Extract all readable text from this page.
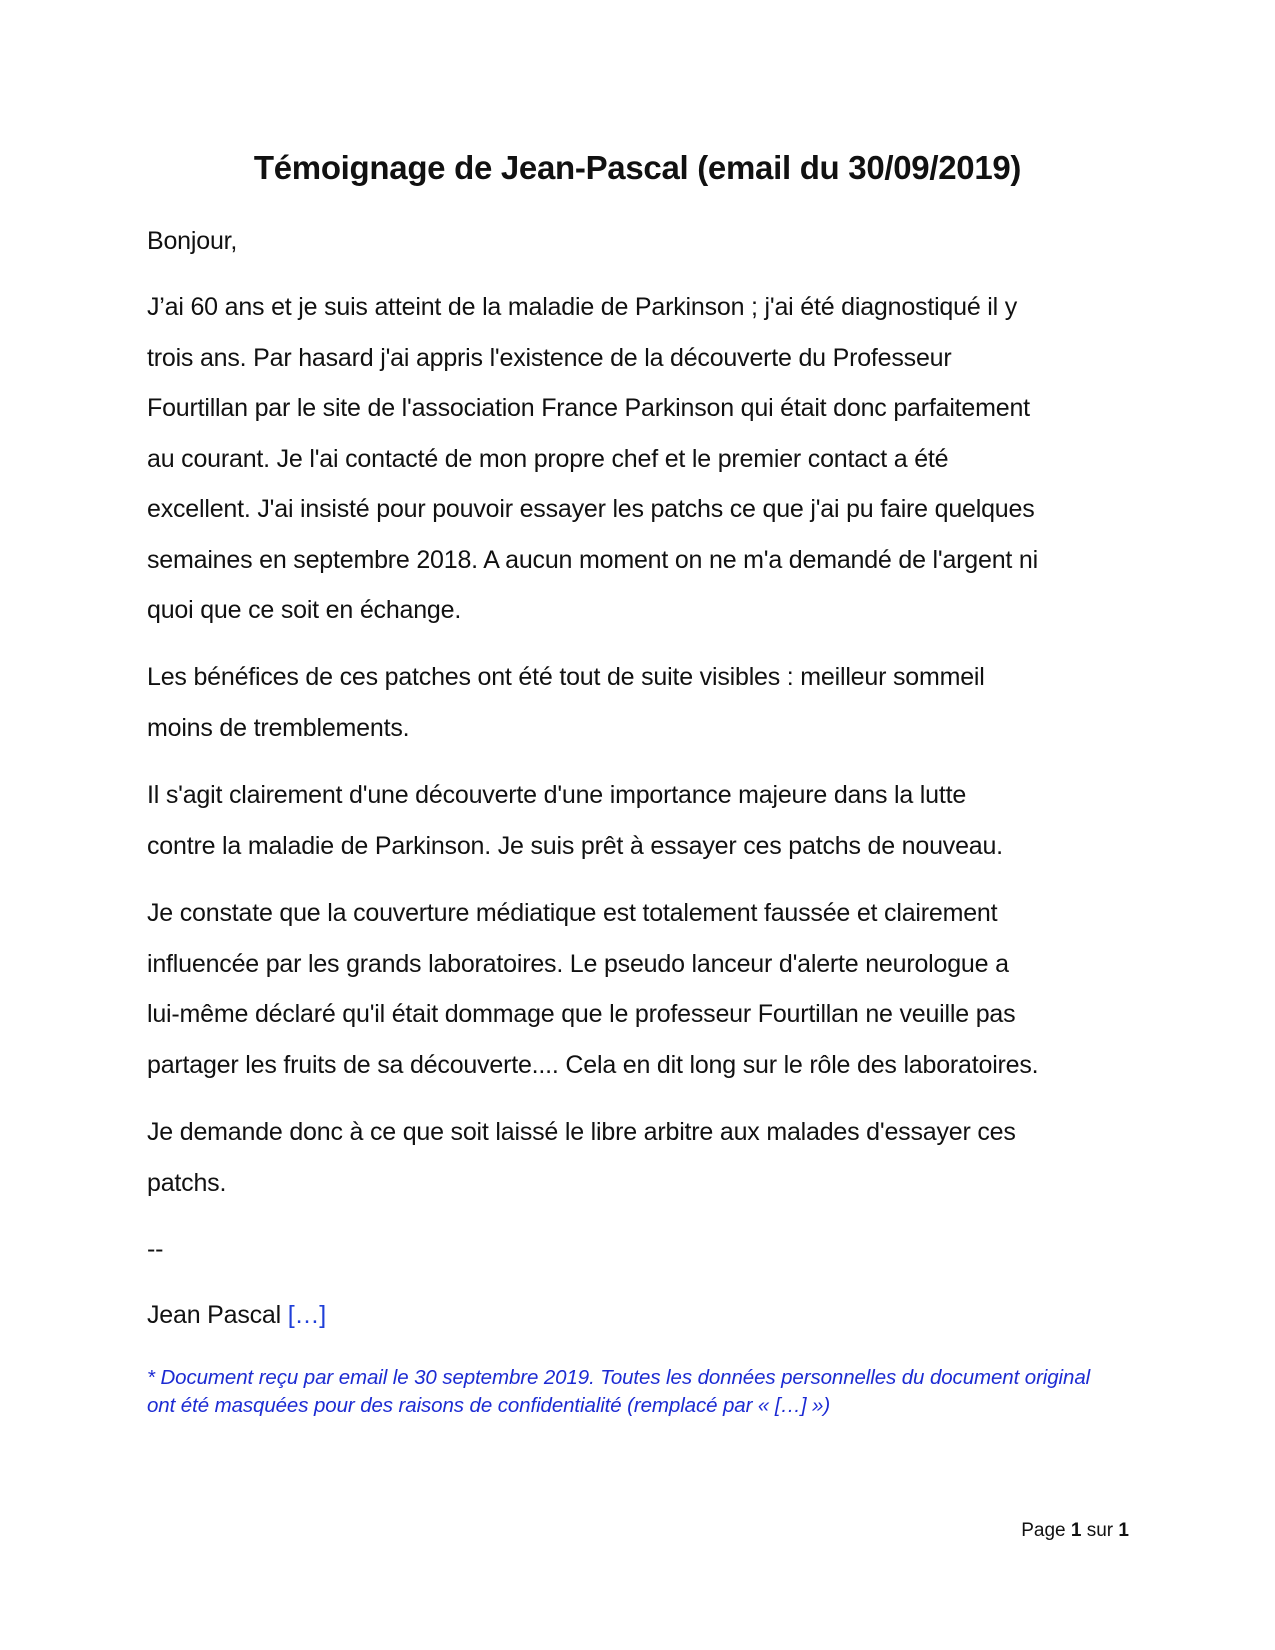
Témoignage de Jean-Pascal (email du 30/09/2019)
Bonjour,
J’ai 60 ans et je suis atteint de la maladie de Parkinson ; j'ai été diagnostiqué il y
trois ans. Par hasard j'ai appris l'existence de la découverte du Professeur
Fourtillan par le site de l'association France Parkinson qui était donc parfaitement
au courant. Je l'ai contacté de mon propre chef et le premier contact a été
excellent. J'ai insisté pour pouvoir essayer les patchs ce que j'ai pu faire quelques
semaines en septembre 2018. A aucun moment on ne m'a demandé de l'argent ni
quoi que ce soit en échange.
Les bénéfices de ces patches ont été tout de suite visibles : meilleur sommeil
moins de tremblements.
Il s'agit clairement d'une découverte d'une importance majeure dans la lutte
contre la maladie de Parkinson. Je suis prêt à essayer ces patchs de nouveau.
Je constate que la couverture médiatique est totalement faussée et clairement
influencée par les grands laboratoires. Le pseudo lanceur d'alerte neurologue a
lui-même déclaré qu'il était dommage que le professeur Fourtillan ne veuille pas
partager les fruits de sa découverte.... Cela en dit long sur le rôle des laboratoires.
Je demande donc à ce que soit laissé le libre arbitre aux malades d'essayer ces
patchs.
--
Jean Pascal […]
* Document reçu par email le 30 septembre 2019. Toutes les données personnelles du document original
ont été masquées pour des raisons de confidentialité (remplacé par « […] »)
Page 1 sur 1
